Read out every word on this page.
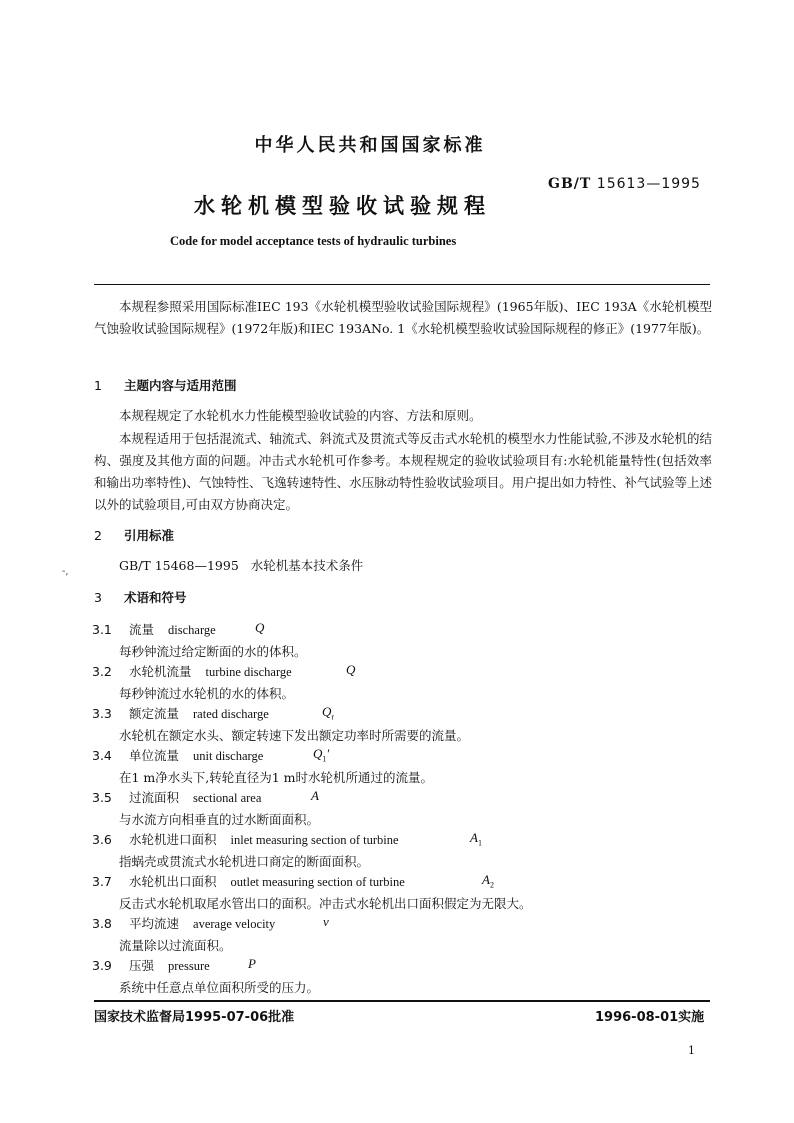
中华人民共和国国家标准
GB/T 15613—1995
水轮机模型验收试验规程
Code for model acceptance tests of hydraulic turbines
本规程参照采用国际标准IEC 193《水轮机模型验收试验国际规程》(1965年版)、IEC 193A《水轮机模型气蚀验收试验国际规程》(1972年版)和IEC 193ANo. 1《水轮机模型验收试验国际规程的修正》(1977年版)。
1 主题内容与适用范围
本规程规定了水轮机水力性能模型验收试验的内容、方法和原则。
本规程适用于包括混流式、轴流式、斜流式及贯流式等反击式水轮机的模型水力性能试验,不涉及水轮机的结构、强度及其他方面的问题。冲击式水轮机可作参考。本规程规定的验收试验项目有:水轮机能量特性(包括效率和输出功率特性)、气蚀特性、飞逸转速特性、水压脉动特性验收试验项目。用户提出如力特性、补气试验等上述以外的试验项目,可由双方协商决定。
2 引用标准
GB/T 15468—1995 水轮机基本技术条件
-,
3 术语和符号
3.1 流量 discharge	Q
每秒钟流过给定断面的水的体积。
3.2 水轮机流量 turbine discharge	Q
每秒钟流过水轮机的水的体积。
3.3 额定流量 rated discharge	$Q_r$
水轮机在额定水头、额定转速下发出额定功率时所需要的流量。
3.4 单位流量 unit discharge	$Q_1'$
在1 m净水头下,转轮直径为1 m时水轮机所通过的流量。
3.5 过流面积 sectional area	A
与水流方向相垂直的过水断面面积。
3.6 水轮机进口面积 inlet measuring section of turbine	$A_1$
指蜗壳或贯流式水轮机进口商定的断面面积。
3.7 水轮机出口面积 outlet measuring section of turbine	$A_2$
反击式水轮机取尾水管出口的面积。冲击式水轮机出口面积假定为无限大。
3.8 平均流速 average velocity	v
流量除以过流面积。
3.9 压强 pressure	P
系统中任意点单位面积所受的压力。
国家技术监督局1995-07-06批准	1996-08-01实施
1
